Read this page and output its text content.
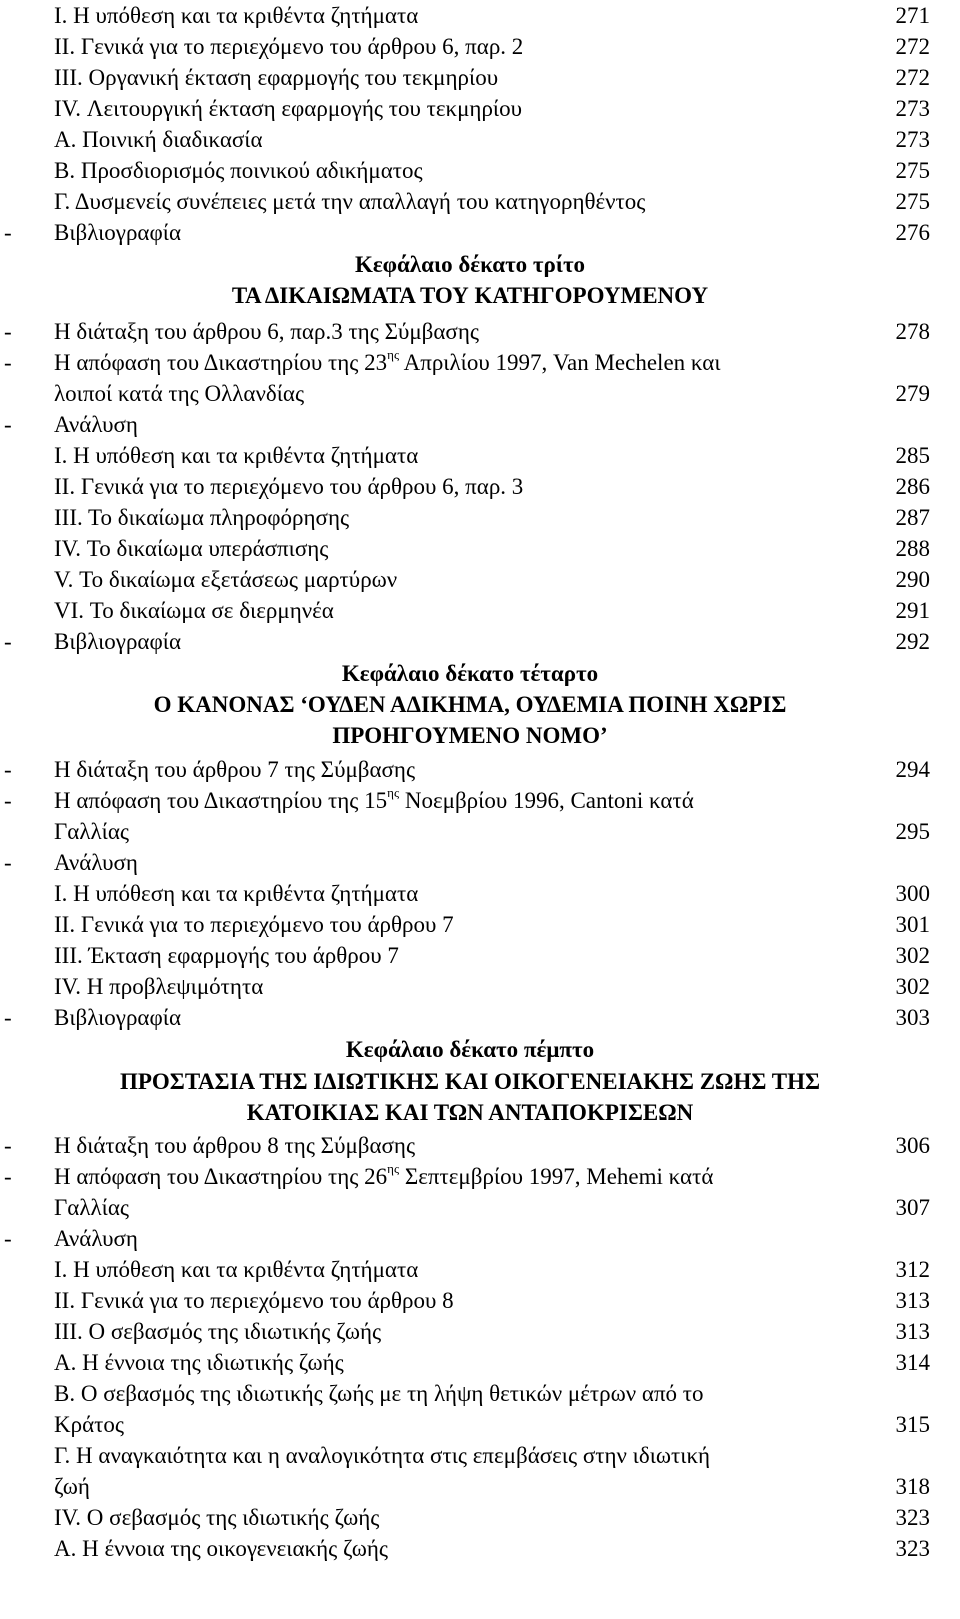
Ι. Η υπόθεση και τα κριθέντα ζητήματα	271
ΙΙ. Γενικά για το περιεχόμενο του άρθρου 6, παρ. 2	272
ΙΙΙ. Οργανική έκταση εφαρμογής του τεκμηρίου	272
IV. Λειτουργική έκταση εφαρμογής του τεκμηρίου	273
Α. Ποινική διαδικασία	273
Β. Προσδιορισμός ποινικού αδικήματος	275
Γ. Δυσμενείς συνέπειες μετά την απαλλαγή του κατηγορηθέντος	275
- Βιβλιογραφία	276
Κεφάλαιο δέκατο τρίτο
ΤΑ ΔΙΚΑΙΩΜΑΤΑ ΤΟΥ ΚΑΤΗΓΟΡΟΥΜΕΝΟΥ
- Η διάταξη του άρθρου 6, παρ.3 της Σύμβασης	278
- Η απόφαση του Δικαστηρίου της $23^{\eta\varsigma}$ Απριλίου 1997, Van Mechelen και
λοιποί κατά της Ολλανδίας	279
- Ανάλυση
Ι. Η υπόθεση και τα κριθέντα ζητήματα	285
ΙΙ. Γενικά για το περιεχόμενο του άρθρου 6, παρ. 3	286
ΙΙΙ. Το δικαίωμα πληροφόρησης	287
IV. Το δικαίωμα υπεράσπισης	288
V. Το δικαίωμα εξετάσεως μαρτύρων	290
VI. Το δικαίωμα σε διερμηνέα	291
- Βιβλιογραφία	292
Κεφάλαιο δέκατο τέταρτο
Ο ΚΑΝΟΝΑΣ ‘ΟΥΔΕΝ ΑΔΙΚΗΜΑ, ΟΥΔΕΜΙΑ ΠΟΙΝΗ ΧΩΡΙΣ
ΠΡΟΗΓΟΥΜΕΝΟ ΝΟΜΟ’
- Η διάταξη του άρθρου 7 της Σύμβασης	294
- Η απόφαση του Δικαστηρίου της $15^{\eta\varsigma}$ Νοεμβρίου 1996, Cantoni κατά
Γαλλίας	295
- Ανάλυση
Ι. Η υπόθεση και τα κριθέντα ζητήματα	300
ΙΙ. Γενικά για το περιεχόμενο του άρθρου 7	301
ΙΙΙ. Έκταση εφαρμογής του άρθρου 7	302
IV. Η προβλεψιμότητα	302
- Βιβλιογραφία	303
Κεφάλαιο δέκατο πέμπτο
ΠΡΟΣΤΑΣΙΑ ΤΗΣ ΙΔΙΩΤΙΚΗΣ ΚΑΙ ΟΙΚΟΓΕΝΕΙΑΚΗΣ ΖΩΗΣ ΤΗΣ
ΚΑΤΟΙΚΙΑΣ ΚΑΙ ΤΩΝ ΑΝΤΑΠΟΚΡΙΣΕΩΝ
- Η διάταξη του άρθρου 8 της Σύμβασης	306
- Η απόφαση του Δικαστηρίου της $26^{\eta\varsigma}$ Σεπτεμβρίου 1997, Mehemi κατά
Γαλλίας	307
- Ανάλυση
Ι. Η υπόθεση και τα κριθέντα ζητήματα	312
ΙΙ. Γενικά για το περιεχόμενο του άρθρου 8	313
ΙΙΙ. Ο σεβασμός της ιδιωτικής ζωής	313
Α. Η έννοια της ιδιωτικής ζωής	314
Β. Ο σεβασμός της ιδιωτικής ζωής με τη λήψη θετικών μέτρων από το
Κράτος	315
Γ. Η αναγκαιότητα και η αναλογικότητα στις επεμβάσεις στην ιδιωτική
ζωή	318
IV. Ο σεβασμός της ιδιωτικής ζωής	323
Α. Η έννοια της οικογενειακής ζωής	323
